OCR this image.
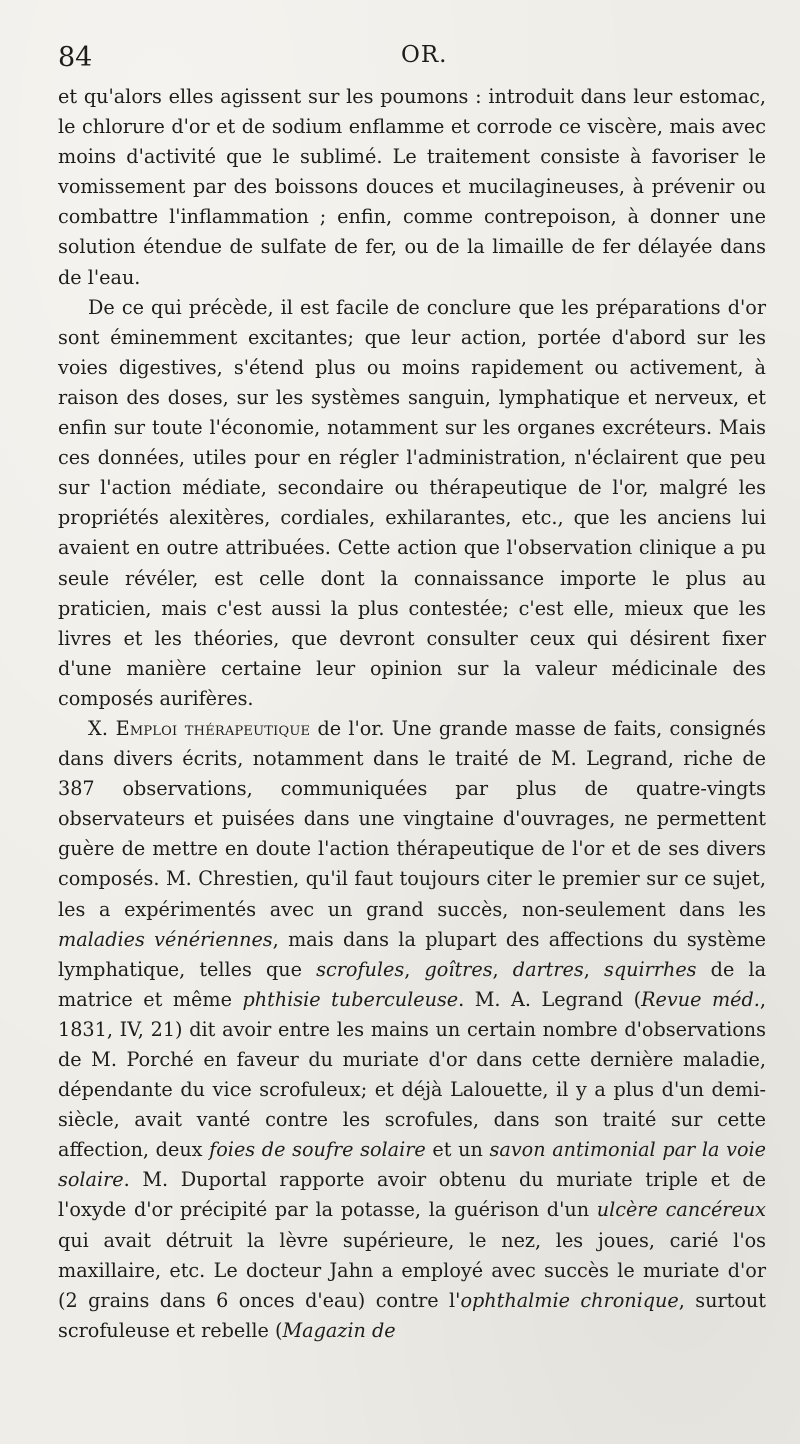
84	OR.

et qu'alors elles agissent sur les poumons : introduit dans leur estomac, le chlorure d'or et de sodium enflamme et corrode ce viscère, mais avec moins d'activité que le sublimé. Le traitement consiste à favoriser le vomissement par des boissons douces et mucilagineuses, à prévenir ou combattre l'inflammation ; enfin, comme contrepoison, à donner une solution étendue de sulfate de fer, ou de la limaille de fer délayée dans de l'eau.

De ce qui précède, il est facile de conclure que les préparations d'or sont éminemment excitantes; que leur action, portée d'abord sur les voies digestives, s'étend plus ou moins rapidement ou activement, à raison des doses, sur les systèmes sanguin, lymphatique et nerveux, et enfin sur toute l'économie, notamment sur les organes excréteurs. Mais ces données, utiles pour en régler l'administration, n'éclairent que peu sur l'action médiate, secondaire ou thérapeutique de l'or, malgré les propriétés alexitères, cordiales, exhilarantes, etc., que les anciens lui avaient en outre attribuées. Cette action que l'observation clinique a pu seule révéler, est celle dont la connaissance importe le plus au praticien, mais c'est aussi la plus contestée; c'est elle, mieux que les livres et les théories, que devront consulter ceux qui désirent fixer d'une manière certaine leur opinion sur la valeur médicinale des composés aurifères.

X. Emploi thérapeutique de l'or. Une grande masse de faits, consignés dans divers écrits, notamment dans le traité de M. Legrand, riche de 387 observations, communiquées par plus de quatre-vingts observateurs et puisées dans une vingtaine d'ouvrages, ne permettent guère de mettre en doute l'action thérapeutique de l'or et de ses divers composés. M. Chrestien, qu'il faut toujours citer le premier sur ce sujet, les a expérimentés avec un grand succès, non-seulement dans les maladies vénériennes, mais dans la plupart des affections du système lymphatique, telles que scrofules, goîtres, dartres, squirrhes de la matrice et même phthisie tuberculeuse. M. A. Legrand (Revue méd., 1831, IV, 21) dit avoir entre les mains un certain nombre d'observations de M. Porché en faveur du muriate d'or dans cette dernière maladie, dépendante du vice scrofuleux; et déjà Lalouette, il y a plus d'un demi-siècle, avait vanté contre les scrofules, dans son traité sur cette affection, deux foies de soufre solaire et un savon antimonial par la voie solaire. M. Duportal rapporte avoir obtenu du muriate triple et de l'oxyde d'or précipité par la potasse, la guérison d'un ulcère cancéreux qui avait détruit la lèvre supérieure, le nez, les joues, carié l'os maxillaire, etc. Le docteur Jahn a employé avec succès le muriate d'or (2 grains dans 6 onces d'eau) contre l'ophthalmie chronique, surtout scrofuleuse et rebelle (Magazin de
